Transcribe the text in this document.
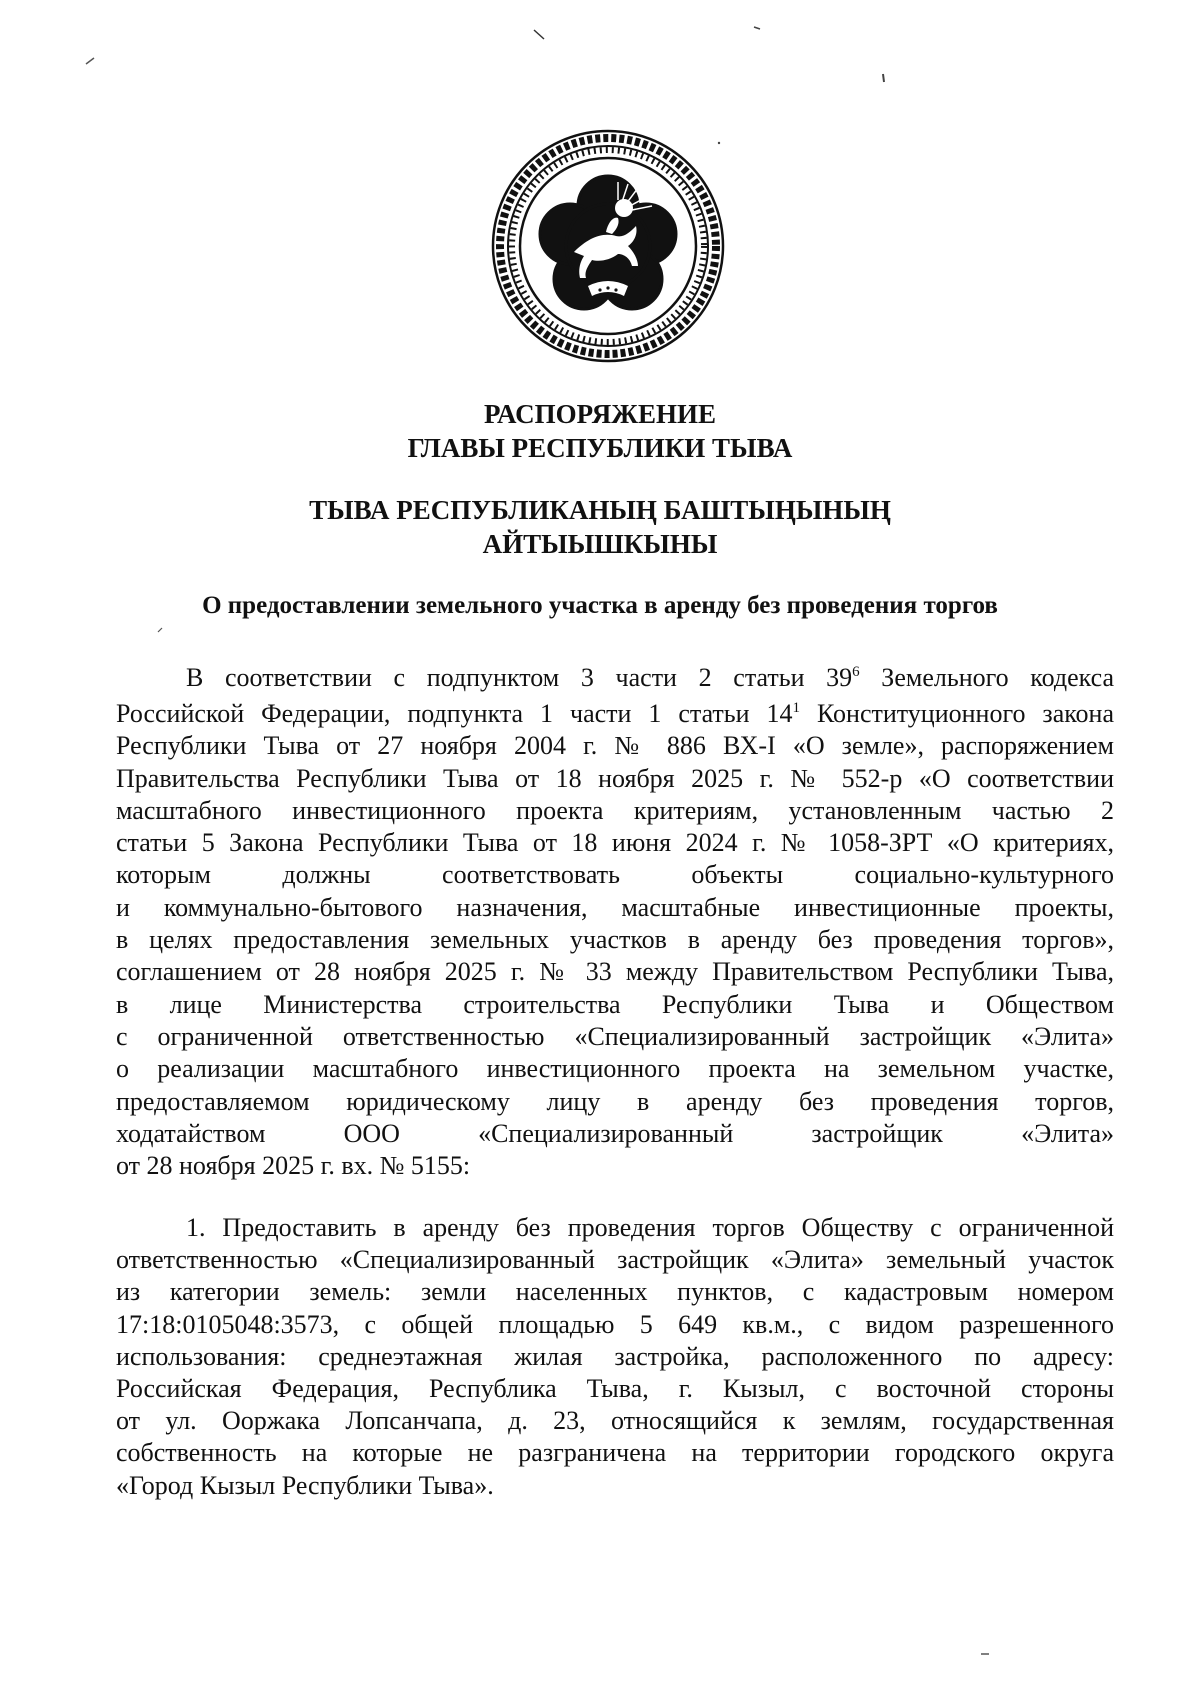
РАСПОРЯЖЕНИЕ
ГЛАВЫ РЕСПУБЛИКИ ТЫВА
ТЫВА РЕСПУБЛИКАНЫҢ БАШТЫҢЫНЫҢ
АЙТЫЫШКЫНЫ
О предоставлении земельного участка в аренду без проведения торгов
В соответствии с подпунктом 3 части 2 статьи $39^6$ Земельного кодекса
Российской Федерации, подпункта 1 части 1 статьи $14^1$ Конституционного закона
Республики Тыва от 27 ноября 2004 г. № 886 ВХ-I «О земле», распоряжением
Правительства Республики Тыва от 18 ноября 2025 г. № 552-р «О соответствии
масштабного инвестиционного проекта критериям, установленным частью 2
статьи 5 Закона Республики Тыва от 18 июня 2024 г. № 1058-ЗРТ «О критериях,
которым должны соответствовать объекты социально-культурного
и коммунально-бытового назначения, масштабные инвестиционные проекты,
в целях предоставления земельных участков в аренду без проведения торгов»,
соглашением от 28 ноября 2025 г. № 33 между Правительством Республики Тыва,
в лице Министерства строительства Республики Тыва и Обществом
с ограниченной ответственностью «Специализированный застройщик «Элита»
о реализации масштабного инвестиционного проекта на земельном участке,
предоставляемом юридическому лицу в аренду без проведения торгов,
ходатайством ООО «Специализированный застройщик «Элита»
от 28 ноября 2025 г. вх. № 5155:
1. Предоставить в аренду без проведения торгов Обществу с ограниченной
ответственностью «Специализированный застройщик «Элита» земельный участок
из категории земель: земли населенных пунктов, с кадастровым номером
17:18:0105048:3573, с общей площадью 5 649 кв.м., с видом разрешенного
использования: среднеэтажная жилая застройка, расположенного по адресу:
Российская Федерация, Республика Тыва, г. Кызыл, с восточной стороны
от ул. Ооржака Лопсанчапа, д. 23, относящийся к землям, государственная
собственность на которые не разграничена на территории городского округа
«Город Кызыл Республики Тыва».
